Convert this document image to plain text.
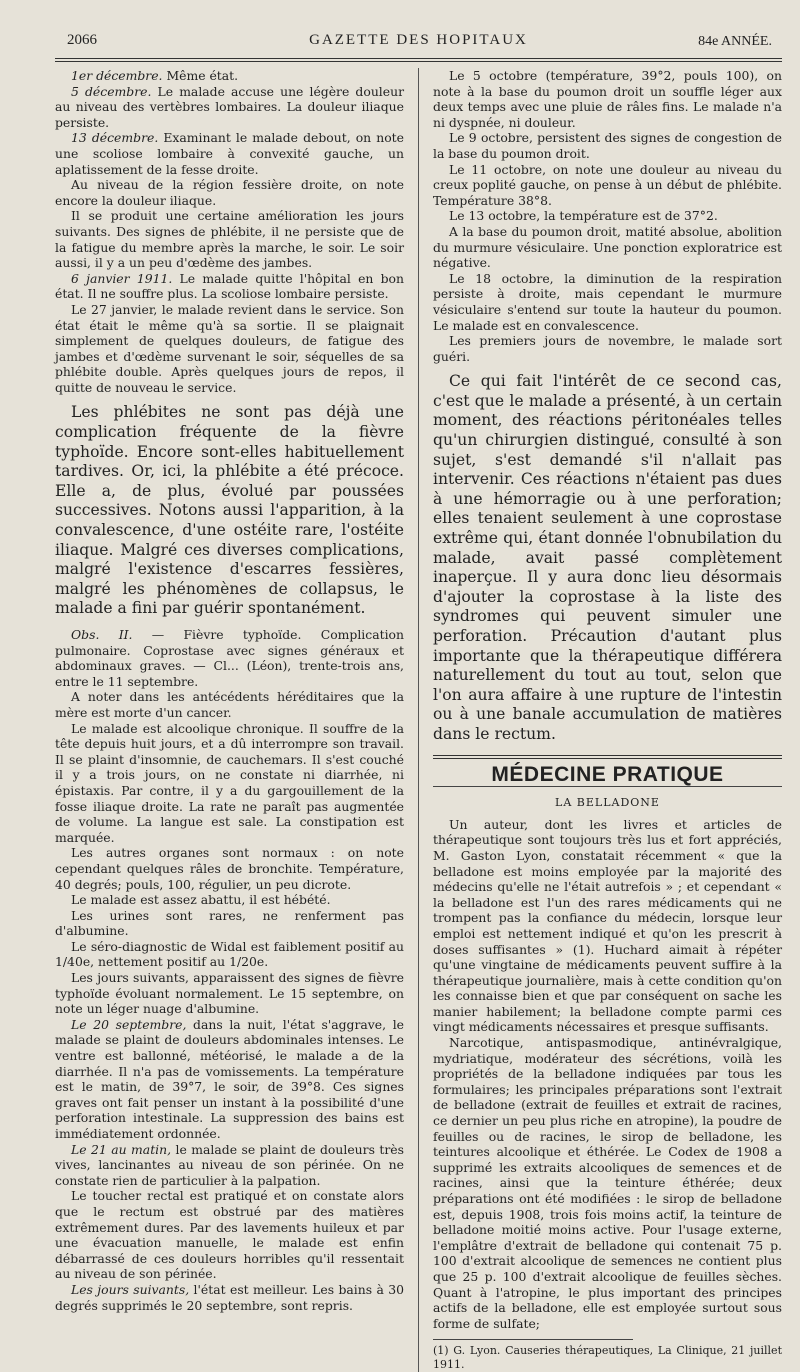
2066	GAZETTE DES HOPITAUX	84e ANNÉE.

1er décembre. Même état.

5 décembre. Le malade accuse une légère douleur au niveau des vertèbres lombaires. La douleur iliaque persiste.

13 décembre. Examinant le malade debout, on note une scoliose lombaire à convexité gauche, un aplatissement de la fesse droite.

Au niveau de la région fessière droite, on note encore la douleur iliaque.

Il se produit une certaine amélioration les jours suivants. Des signes de phlébite, il ne persiste que de la fatigue du membre après la marche, le soir. Le soir aussi, il y a un peu d'œdème des jambes.

6 janvier 1911. Le malade quitte l'hôpital en bon état. Il ne souffre plus. La scoliose lombaire persiste.

Le 27 janvier, le malade revient dans le service. Son état était le même qu'à sa sortie. Il se plaignait simplement de quelques douleurs, de fatigue des jambes et d'œdème survenant le soir, séquelles de sa phlébite double. Après quelques jours de repos, il quitte de nouveau le service.

Les phlébites ne sont pas déjà une complication fréquente de la fièvre typhoïde. Encore sont-elles habituellement tardives. Or, ici, la phlébite a été précoce. Elle a, de plus, évolué par poussées successives. Notons aussi l'apparition, à la convalescence, d'une ostéite rare, l'ostéite iliaque. Malgré ces diverses complications, malgré l'existence d'escarres fessières, malgré les phénomènes de collapsus, le malade a fini par guérir spontanément.

Obs. II. — Fièvre typhoïde. Complication pulmonaire. Coprostase avec signes généraux et abdominaux graves. — Cl... (Léon), trente-trois ans, entre le 11 septembre.

A noter dans les antécédents héréditaires que la mère est morte d'un cancer.

Le malade est alcoolique chronique. Il souffre de la tête depuis huit jours, et a dû interrompre son travail. Il se plaint d'insomnie, de cauchemars. Il s'est couché il y a trois jours, on ne constate ni diarrhée, ni épistaxis. Par contre, il y a du gargouillement de la fosse iliaque droite. La rate ne paraît pas augmentée de volume. La langue est sale. La constipation est marquée.

Les autres organes sont normaux : on note cependant quelques râles de bronchite. Température, 40 degrés; pouls, 100, régulier, un peu dicrote.

Le malade est assez abattu, il est hébété.

Les urines sont rares, ne renferment pas d'albumine.

Le séro-diagnostic de Widal est faiblement positif au 1/40e, nettement positif au 1/20e.

Les jours suivants, apparaissent des signes de fièvre typhoïde évoluant normalement. Le 15 septembre, on note un léger nuage d'albumine.

Le 20 septembre, dans la nuit, l'état s'aggrave, le malade se plaint de douleurs abdominales intenses. Le ventre est ballonné, météorisé, le malade a de la diarrhée. Il n'a pas de vomissements. La température est le matin, de 39°7, le soir, de 39°8. Ces signes graves ont fait penser un instant à la possibilité d'une perforation intestinale. La suppression des bains est immédiatement ordonnée.

Le 21 au matin, le malade se plaint de douleurs très vives, lancinantes au niveau de son périnée. On ne constate rien de particulier à la palpation.

Le toucher rectal est pratiqué et on constate alors que le rectum est obstrué par des matières extrêmement dures. Par des lavements huileux et par une évacuation manuelle, le malade est enfin débarrassé de ces douleurs horribles qu'il ressentait au niveau de son périnée.

Les jours suivants, l'état est meilleur. Les bains à 30 degrés supprimés le 20 septembre, sont repris.

Le 5 octobre (température, 39°2, pouls 100), on note à la base du poumon droit un souffle léger aux deux temps avec une pluie de râles fins. Le malade n'a ni dyspnée, ni douleur.

Le 9 octobre, persistent des signes de congestion de la base du poumon droit.

Le 11 octobre, on note une douleur au niveau du creux poplité gauche, on pense à un début de phlébite. Température 38°8.

Le 13 octobre, la température est de 37°2.

A la base du poumon droit, matité absolue, abolition du murmure vésiculaire. Une ponction exploratrice est négative.

Le 18 octobre, la diminution de la respiration persiste à droite, mais cependant le murmure vésiculaire s'entend sur toute la hauteur du poumon. Le malade est en convalescence.

Les premiers jours de novembre, le malade sort guéri.

Ce qui fait l'intérêt de ce second cas, c'est que le malade a présenté, à un certain moment, des réactions péritonéales telles qu'un chirurgien distingué, consulté à son sujet, s'est demandé s'il n'allait pas intervenir. Ces réactions n'étaient pas dues à une hémorragie ou à une perforation; elles tenaient seulement à une coprostase extrême qui, étant donnée l'obnubilation du malade, avait passé complètement inaperçue. Il y aura donc lieu désormais d'ajouter la coprostase à la liste des syndromes qui peuvent simuler une perforation. Précaution d'autant plus importante que la thérapeutique différera naturellement du tout au tout, selon que l'on aura affaire à une rupture de l'intestin ou à une banale accumulation de matières dans le rectum.

MÉDECINE PRATIQUE
LA BELLADONE

Un auteur, dont les livres et articles de thérapeutique sont toujours très lus et fort appréciés, M. Gaston Lyon, constatait récemment « que la belladone est moins employée par la majorité des médecins qu'elle ne l'était autrefois » ; et cependant « la belladone est l'un des rares médicaments qui ne trompent pas la confiance du médecin, lorsque leur emploi est nettement indiqué et qu'on les prescrit à doses suffisantes » (1). Huchard aimait à répéter qu'une vingtaine de médicaments peuvent suffire à la thérapeutique journalière, mais à cette condition qu'on les connaisse bien et que par conséquent on sache les manier habilement; la belladone compte parmi ces vingt médicaments nécessaires et presque suffisants.

Narcotique, antispasmodique, antinévralgique, mydriatique, modérateur des sécrétions, voilà les propriétés de la belladone indiquées par tous les formulaires; les principales préparations sont l'extrait de belladone (extrait de feuilles et extrait de racines, ce dernier un peu plus riche en atropine), la poudre de feuilles ou de racines, le sirop de belladone, les teintures alcoolique et éthérée. Le Codex de 1908 a supprimé les extraits alcooliques de semences et de racines, ainsi que la teinture éthérée; deux préparations ont été modifiées : le sirop de belladone est, depuis 1908, trois fois moins actif, la teinture de belladone moitié moins active. Pour l'usage externe, l'emplâtre d'extrait de belladone qui contenait 75 p. 100 d'extrait alcoolique de semences ne contient plus que 25 p. 100 d'extrait alcoolique de feuilles sèches. Quant à l'atropine, le plus important des principes actifs de la belladone, elle est employée surtout sous forme de sulfate;

(1) G. Lyon. Causeries thérapeutiques, La Clinique, 21 juillet 1911.
